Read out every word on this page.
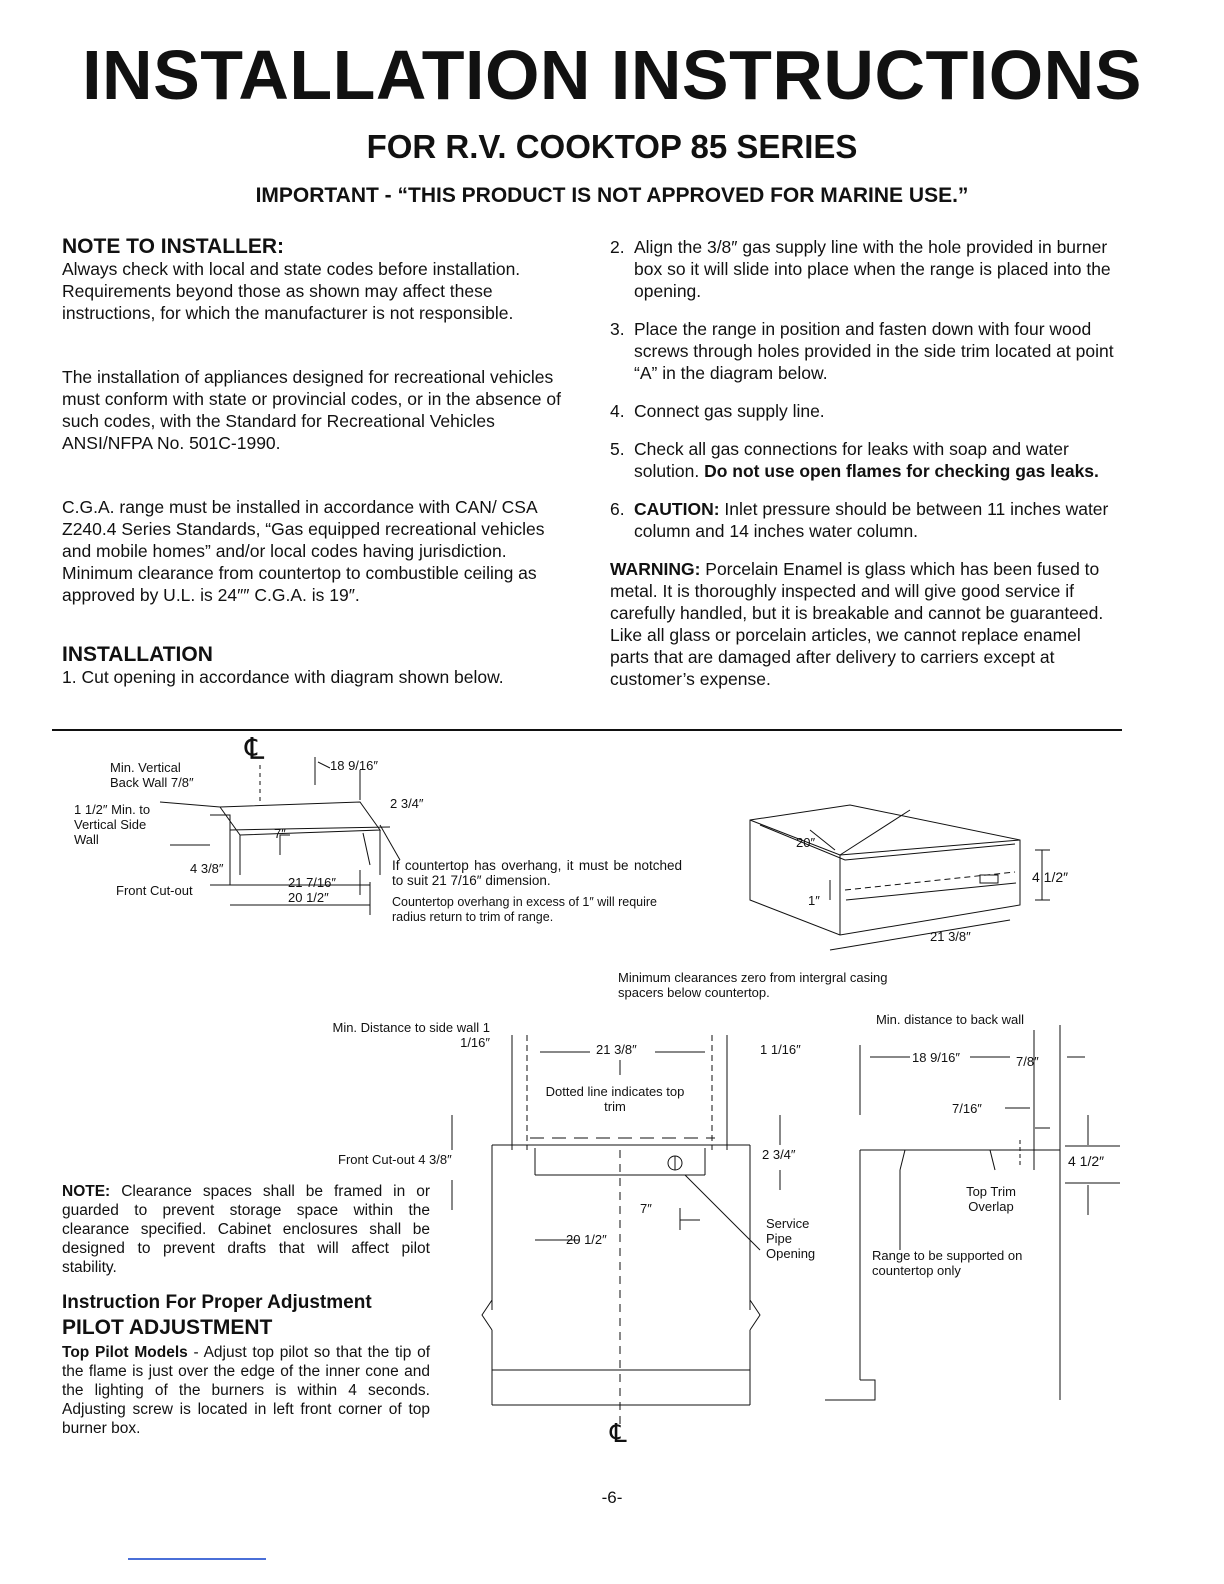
INSTALLATION INSTRUCTIONS
FOR R.V. COOKTOP 85 SERIES
IMPORTANT - “THIS PRODUCT IS NOT APPROVED FOR MARINE USE.”

NOTE TO INSTALLER:

Always check with local and state codes before installation. Requirements beyond those as shown may affect these instructions, for which the manufacturer is not responsible.

The installation of appliances designed for recreational vehicles must conform with state or provincial codes, or in the absence of such codes, with the Standard for Recreational Vehicles ANSI/NFPA No. 501C-1990.

C.G.A. range must be installed in accordance with CAN/ CSA Z240.4 Series Standards, “Gas equipped recreational vehicles and mobile homes” and/or local codes having jurisdiction. Minimum clearance from countertop to combustible ceiling as approved by U.L. is 24″″ C.G.A. is 19″.

INSTALLATION

1. Cut opening in accordance with diagram shown below.

2. Align the 3/8″ gas supply line with the hole provided in burner box so it will slide into place when the range is placed into the opening.
3. Place the range in position and fasten down with four wood screws through holes provided in the side trim located at point “A” in the diagram below.
4. Connect gas supply line.
5. Check all gas connections for leaks with soap and water solution. Do not use open flames for checking gas leaks.
6. CAUTION: Inlet pressure should be between 11 inches water column and 14 inches water column.

WARNING: Porcelain Enamel is glass which has been fused to metal. It is thoroughly inspected and will give good service if carefully handled, but it is breakable and cannot be guaranteed. Like all glass or porcelain articles, we cannot replace enamel parts that are damaged after delivery to carriers except at customer’s expense.

℄
Min. Vertical Back Wall 7/8″
1 1/2″ Min. to Vertical Side Wall
18 9/16″
2 3/4″
7″
4 3/8″
Front Cut-out
21 7/16″
20 1/2″
If countertop has overhang, it must be notched to suit 21 7/16″ dimension.
Countertop overhang in excess of 1″ will require radius return to trim of range.
20″
1″
4 1/2″
21 3/8″
Minimum clearances zero from intergral casing spacers below countertop.
Min. Distance to side wall 1 1/16″	21 3/8″	1 1/16″
Dotted line indicates top trim
Front Cut-out 4 3/8″	2 3/4″
7″
20 1/2″
Service Pipe Opening
℄
Min. distance to back wall
18 9/16″	7/8″
7/16″
4 1/2″
Top Trim Overlap
Range to be supported on countertop only

NOTE: Clearance spaces shall be framed in or guarded to prevent storage space within the clearance specified. Cabinet enclosures shall be designed to prevent drafts that will affect pilot stability.

Instruction For Proper Adjustment

PILOT ADJUSTMENT

Top Pilot Models - Adjust top pilot so that the tip of the flame is just over the edge of the inner cone and the lighting of the burners is within 4 seconds. Adjusting screw is located in left front corner of top burner box.

-6-
